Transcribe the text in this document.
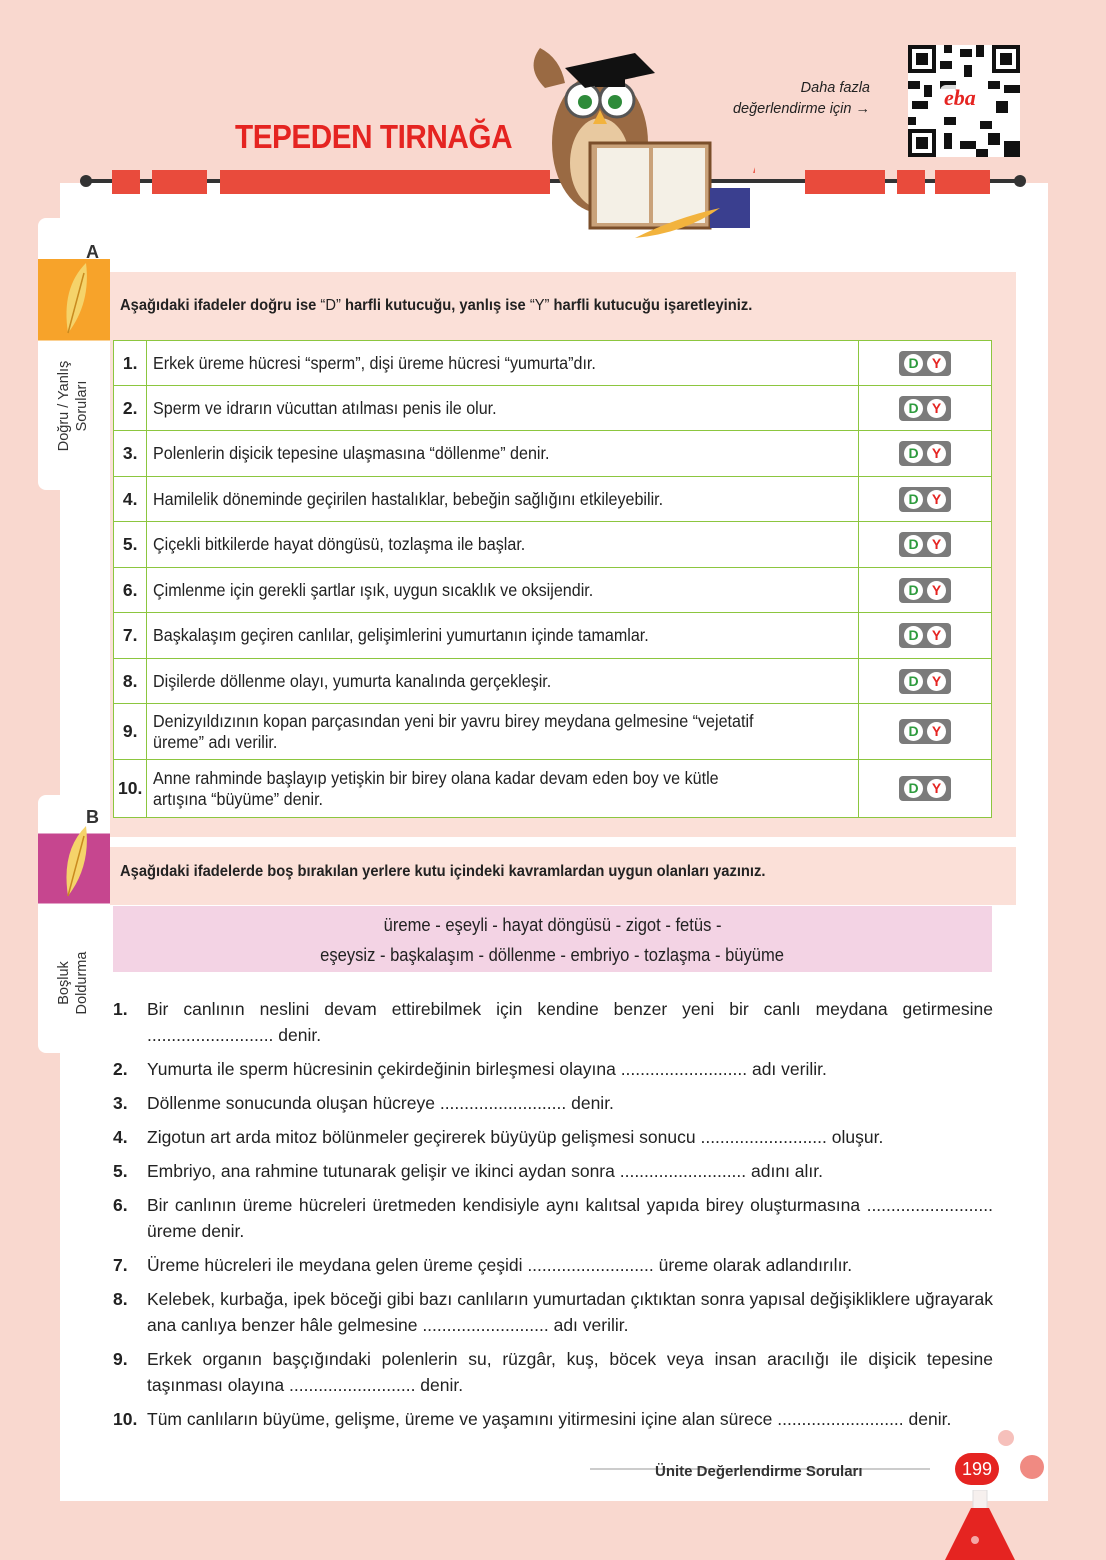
TEPEDEN TIRNAĞA
Daha fazla
değerlendirme için →	eba
A
Doğru / Yanlış Soruları
Aşağıdaki ifadeler doğru ise “D” harfli kutucuğu, yanlış ise “Y” harfli kutucuğu işaretleyiniz.
1.	Erkek üreme hücresi “sperm”, dişi üreme hücresi “yumurta”dır.	D Y

2.	Sperm ve idrarın vücuttan atılması penis ile olur.	D Y

3.	Polenlerin dişicik tepesine ulaşmasına “döllenme” denir.	D Y

4.	Hamilelik döneminde geçirilen hastalıklar, bebeğin sağlığını etkileyebilir.	D Y

5.	Çiçekli bitkilerde hayat döngüsü, tozlaşma ile başlar.	D Y

6.	Çimlenme için gerekli şartlar ışık, uygun sıcaklık ve oksijendir.	D Y

7.	Başkalaşım geçiren canlılar, gelişimlerini yumurtanın içinde tamamlar.	D Y

8.	Dişilerde döllenme olayı, yumurta kanalında gerçekleşir.	D Y

9.	Denizyıldızının kopan parçasından yeni bir yavru birey meydana gelmesine “vejetatif
üreme” adı verilir.	D Y

10.	Anne rahminde başlayıp yetişkin bir birey olana kadar devam eden boy ve kütle
artışına “büyüme” denir.	D Y
B
Boşluk Doldurma
Aşağıdaki ifadelerde boş bırakılan yerlere kutu içindeki kavramlardan uygun olanları yazınız.
üreme - eşeyli - hayat döngüsü - zigot - fetüs -
eşeysiz - başkalaşım - döllenme - embriyo - tozlaşma - büyüme
1. Bir canlının neslini devam ettirebilmek için kendine benzer yeni bir canlı meydana getirmesine .......................... denir.
2. Yumurta ile sperm hücresinin çekirdeğinin birleşmesi olayına .......................... adı verilir.
3. Döllenme sonucunda oluşan hücreye .......................... denir.
4. Zigotun art arda mitoz bölünmeler geçirerek büyüyüp gelişmesi sonucu .......................... oluşur.
5. Embriyo, ana rahmine tutunarak gelişir ve ikinci aydan sonra .......................... adını alır.
6. Bir canlının üreme hücreleri üretmeden kendisiyle aynı kalıtsal yapıda birey oluşturmasına .......................... üreme denir.
7. Üreme hücreleri ile meydana gelen üreme çeşidi .......................... üreme olarak adlandırılır.
8. Kelebek, kurbağa, ipek böceği gibi bazı canlıların yumurtadan çıktıktan sonra yapısal değişikliklere uğrayarak ana canlıya benzer hâle gelmesine .......................... adı verilir.
9. Erkek organın başçığındaki polenlerin su, rüzgâr, kuş, böcek veya insan aracılığı ile dişicik tepesine taşınması olayına .......................... denir.
10. Tüm canlıların büyüme, gelişme, üreme ve yaşamını yitirmesini içine alan sürece .......................... denir.
Ünite Değerlendirme Soruları	199
